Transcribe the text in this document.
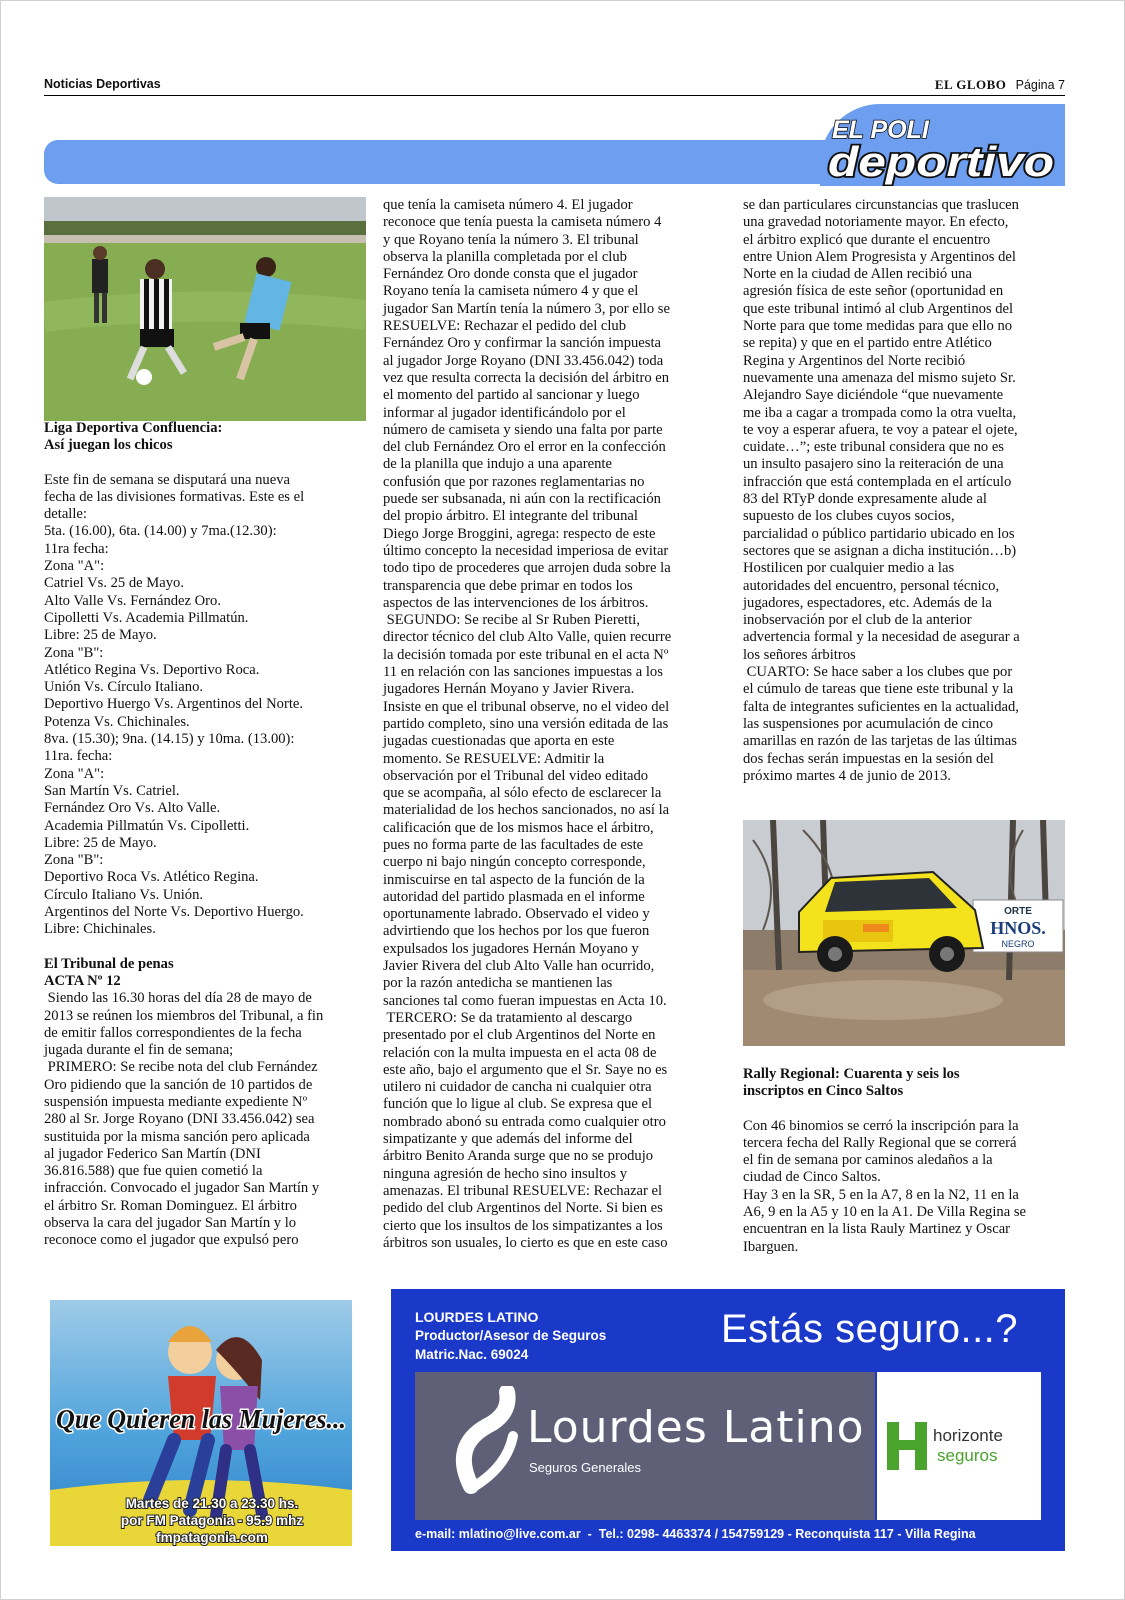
Noticias Deportivas	EL GLOBO Página 7
EL POLI
deportivo

Liga Deportiva Confluencia:

Así juegan los chicos

Este fin de semana se disputará una nueva

fecha de las divisiones formativas. Este es el

detalle:

5ta. (16.00), 6ta. (14.00) y 7ma.(12.30):

11ra fecha:

Zona "A":

Catriel Vs. 25 de Mayo.

Alto Valle Vs. Fernández Oro.

Cipolletti Vs. Academia Pillmatún.

Libre: 25 de Mayo.

Zona "B":

Atlético Regina Vs. Deportivo Roca.

Unión Vs. Círculo Italiano.

Deportivo Huergo Vs. Argentinos del Norte.

Potenza Vs. Chichinales.

8va. (15.30); 9na. (14.15) y 10ma. (13.00):

11ra. fecha:

Zona "A":

San Martín Vs. Catriel.

Fernández Oro Vs. Alto Valle.

Academia Pillmatún Vs. Cipolletti.

Libre: 25 de Mayo.

Zona "B":

Deportivo Roca Vs. Atlético Regina.

Círculo Italiano Vs. Unión.

Argentinos del Norte Vs. Deportivo Huergo.

Libre: Chichinales.

El Tribunal de penas

ACTA Nº 12

Siendo las 16.30 horas del día 28 de mayo de

2013 se reúnen los miembros del Tribunal, a fin

de emitir fallos correspondientes de la fecha

jugada durante el fin de semana;

PRIMERO: Se recibe nota del club Fernández

Oro pidiendo que la sanción de 10 partidos de

suspensión impuesta mediante expediente Nº

280 al Sr. Jorge Royano (DNI 33.456.042) sea

sustituida por la misma sanción pero aplicada

al jugador Federico San Martín (DNI

36.816.588) que fue quien cometió la

infracción. Convocado el jugador San Martín y

el árbitro Sr. Roman Dominguez. El árbitro

observa la cara del jugador San Martín y lo

reconoce como el jugador que expulsó pero

que tenía la camiseta número 4. El jugador

reconoce que tenía puesta la camiseta número 4

y que Royano tenía la número 3. El tribunal

observa la planilla completada por el club

Fernández Oro donde consta que el jugador

Royano tenía la camiseta número 4 y que el

jugador San Martín tenía la número 3, por ello se

RESUELVE: Rechazar el pedido del club

Fernández Oro y confirmar la sanción impuesta

al jugador Jorge Royano (DNI 33.456.042) toda

vez que resulta correcta la decisión del árbitro en

el momento del partido al sancionar y luego

informar al jugador identificándolo por el

número de camiseta y siendo una falta por parte

del club Fernández Oro el error en la confección

de la planilla que indujo a una aparente

confusión que por razones reglamentarias no

puede ser subsanada, ni aún con la rectificación

del propio árbitro. El integrante del tribunal

Diego Jorge Broggini, agrega: respecto de este

último concepto la necesidad imperiosa de evitar

todo tipo de procederes que arrojen duda sobre la

transparencia que debe primar en todos los

aspectos de las intervenciones de los árbitros.

SEGUNDO: Se recibe al Sr Ruben Pieretti,

director técnico del club Alto Valle, quien recurre

la decisión tomada por este tribunal en el acta Nº

11 en relación con las sanciones impuestas a los

jugadores Hernán Moyano y Javier Rivera.

Insiste en que el tribunal observe, no el video del

partido completo, sino una versión editada de las

jugadas cuestionadas que aporta en este

momento. Se RESUELVE: Admitir la

observación por el Tribunal del video editado

que se acompaña, al sólo efecto de esclarecer la

materialidad de los hechos sancionados, no así la

calificación que de los mismos hace el árbitro,

pues no forma parte de las facultades de este

cuerpo ni bajo ningún concepto corresponde,

inmiscuirse en tal aspecto de la función de la

autoridad del partido plasmada en el informe

oportunamente labrado. Observado el video y

advirtiendo que los hechos por los que fueron

expulsados los jugadores Hernán Moyano y

Javier Rivera del club Alto Valle han ocurrido,

por la razón antedicha se mantienen las

sanciones tal como fueran impuestas en Acta 10.

TERCERO: Se da tratamiento al descargo

presentado por el club Argentinos del Norte en

relación con la multa impuesta en el acta 08 de

este año, bajo el argumento que el Sr. Saye no es

utilero ni cuidador de cancha ni cualquier otra

función que lo ligue al club. Se expresa que el

nombrado abonó su entrada como cualquier otro

simpatizante y que además del informe del

árbitro Benito Aranda surge que no se produjo

ninguna agresión de hecho sino insultos y

amenazas. El tribunal RESUELVE: Rechazar el

pedido del club Argentinos del Norte. Si bien es

cierto que los insultos de los simpatizantes a los

árbitros son usuales, lo cierto es que en este caso

se dan particulares circunstancias que traslucen

una gravedad notoriamente mayor. En efecto,

el árbitro explicó que durante el encuentro

entre Union Alem Progresista y Argentinos del

Norte en la ciudad de Allen recibió una

agresión física de este señor (oportunidad en

que este tribunal intimó al club Argentinos del

Norte para que tome medidas para que ello no

se repita) y que en el partido entre Atlético

Regina y Argentinos del Norte recibió

nuevamente una amenaza del mismo sujeto Sr.

Alejandro Saye diciéndole “que nuevamente

me iba a cagar a trompada como la otra vuelta,

te voy a esperar afuera, te voy a patear el ojete,

cuidate…”; este tribunal considera que no es

un insulto pasajero sino la reiteración de una

infracción que está contemplada en el artículo

83 del RTyP donde expresamente alude al

supuesto de los clubes cuyos socios,

parcialidad o público partidario ubicado en los

sectores que se asignan a dicha institución…b)

Hostilicen por cualquier medio a las

autoridades del encuentro, personal técnico,

jugadores, espectadores, etc. Además de la

inobservación por el club de la anterior

advertencia formal y la necesidad de asegurar a

los señores árbitros

CUARTO: Se hace saber a los clubes que por

el cúmulo de tareas que tiene este tribunal y la

falta de integrantes suficientes en la actualidad,

las suspensiones por acumulación de cinco

amarillas en razón de las tarjetas de las últimas

dos fechas serán impuestas en la sesión del

próximo martes 4 de junio de 2013.

ORTE
HNOS.
NEGRO

Rally Regional: Cuarenta y seis los

inscriptos en Cinco Saltos

Con 46 binomios se cerró la inscripción para la

tercera fecha del Rally Regional que se correrá

el fin de semana por caminos aledaños a la

ciudad de Cinco Saltos.

Hay 3 en la SR, 5 en la A7, 8 en la N2, 11 en la

A6, 9 en la A5 y 10 en la A1. De Villa Regina se

encuentran en la lista Rauly Martinez y Oscar

Ibarguen.

Que Quieren las Mujeres...
Martes de 21.30 a 23.30 hs.
por FM Patagonia - 95.9 mhz
fmpatagonia.com
LOURDES LATINO
Productor/Asesor de Seguros
Matric.Nac. 69024
Estás seguro...?
Lourdes Latino
Seguros Generales
horizonte
seguros
e-mail: mlatino@live.com.ar  -  Tel.: 0298- 4463374 / 154759129 - Reconquista 117 - Villa Regina
